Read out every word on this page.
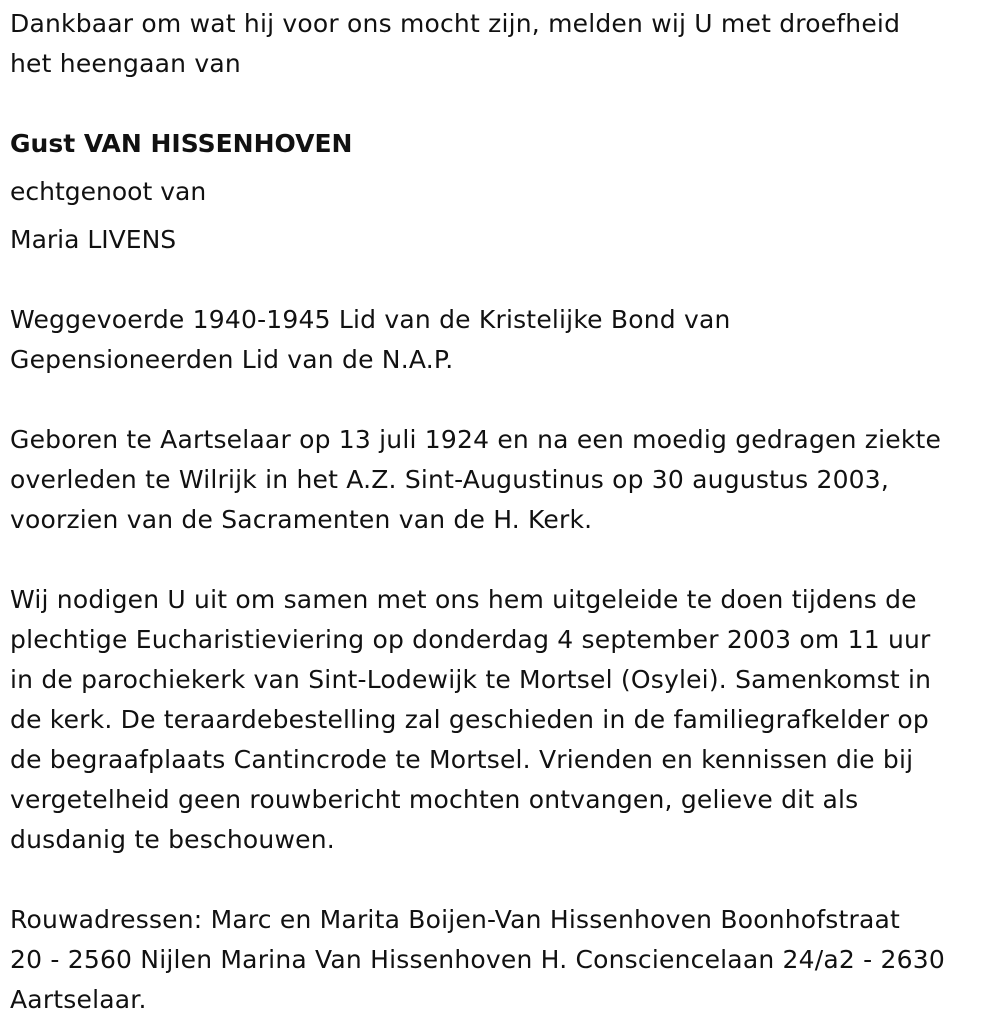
Dankbaar om wat hij voor ons mocht zijn, melden wij U met droefheid
het heengaan van

Gust VAN HISSENHOVEN

echtgenoot van

Maria LIVENS

Weggevoerde 1940-1945 Lid van de Kristelijke Bond van
Gepensioneerden Lid van de N.A.P.

Geboren te Aartselaar op 13 juli 1924 en na een moedig gedragen ziekte
overleden te Wilrijk in het A.Z. Sint-Augustinus op 30 augustus 2003,
voorzien van de Sacramenten van de H. Kerk.

Wij nodigen U uit om samen met ons hem uitgeleide te doen tijdens de
plechtige Eucharistieviering op donderdag 4 september 2003 om 11 uur
in de parochiekerk van Sint-Lodewijk te Mortsel (Osylei). Samenkomst in
de kerk. De teraardebestelling zal geschieden in de familiegrafkelder op
de begraafplaats Cantincrode te Mortsel. Vrienden en kennissen die bij
vergetelheid geen rouwbericht mochten ontvangen, gelieve dit als
dusdanig te beschouwen.

Rouwadressen: Marc en Marita Boijen-Van Hissenhoven Boonhofstraat
20 - 2560 Nijlen Marina Van Hissenhoven H. Consciencelaan 24/a2 - 2630
Aartselaar.
